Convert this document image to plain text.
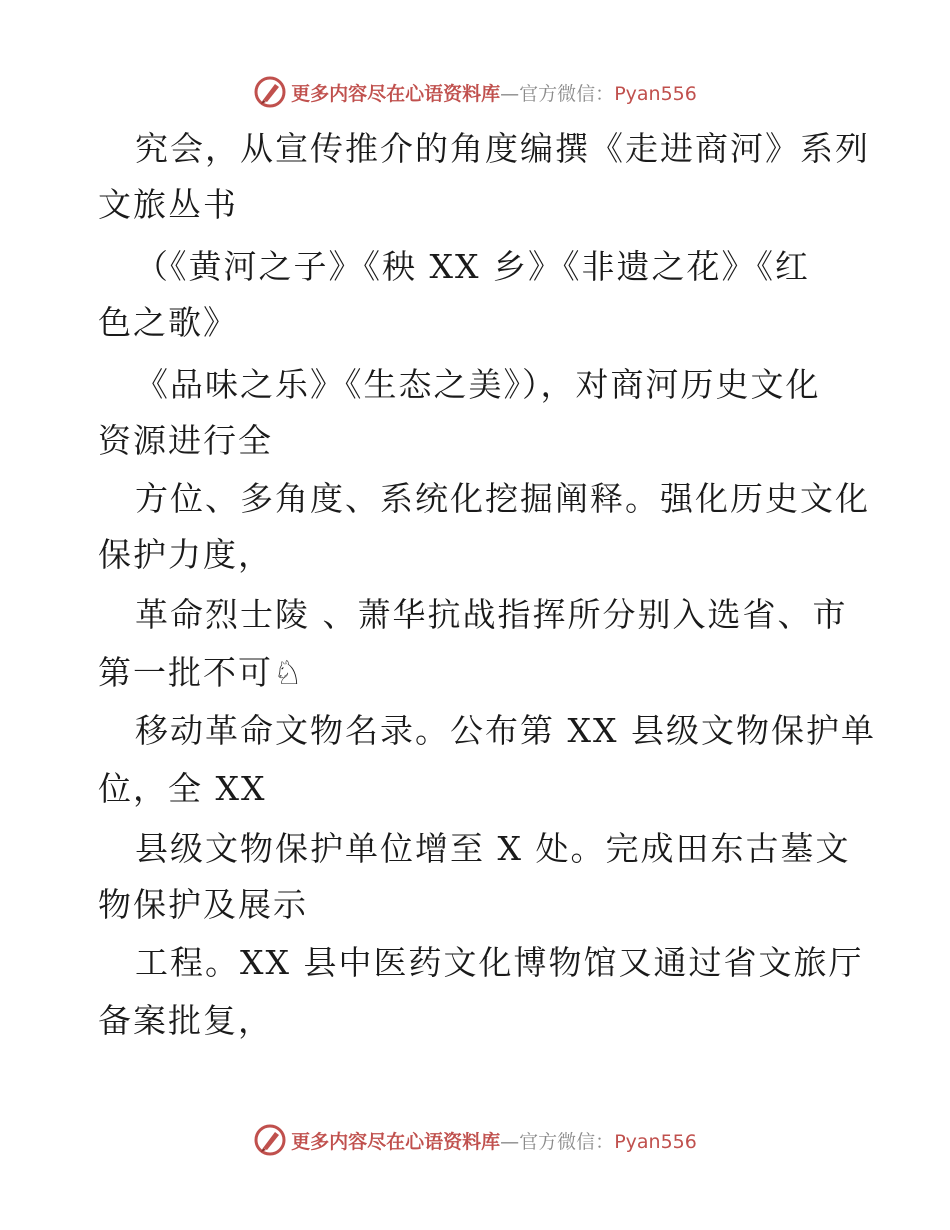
更多内容尽在心语资料库—官方微信：Pyan556
究会，从宣传推介的角度编撰《走进商河》系列
文旅丛书
（《黄河之子》《秧 XX 乡》《非遗之花》《红
色之歌》
《品味之乐》《生态之美》），对商河历史文化
资源进行全
方位、多角度、系统化挖掘阐释。强化历史文化
保护力度，
革命烈士陵 、萧华抗战指挥所分别入选省、市
第一批不可♘
移动革命文物名录。公布第 XX 县级文物保护单
位，全 XX
县级文物保护单位增至 X 处。完成田东古墓文
物保护及展示
工程。XX 县中医药文化博物馆又通过省文旅厅
备案批复，
更多内容尽在心语资料库—官方微信：Pyan556
